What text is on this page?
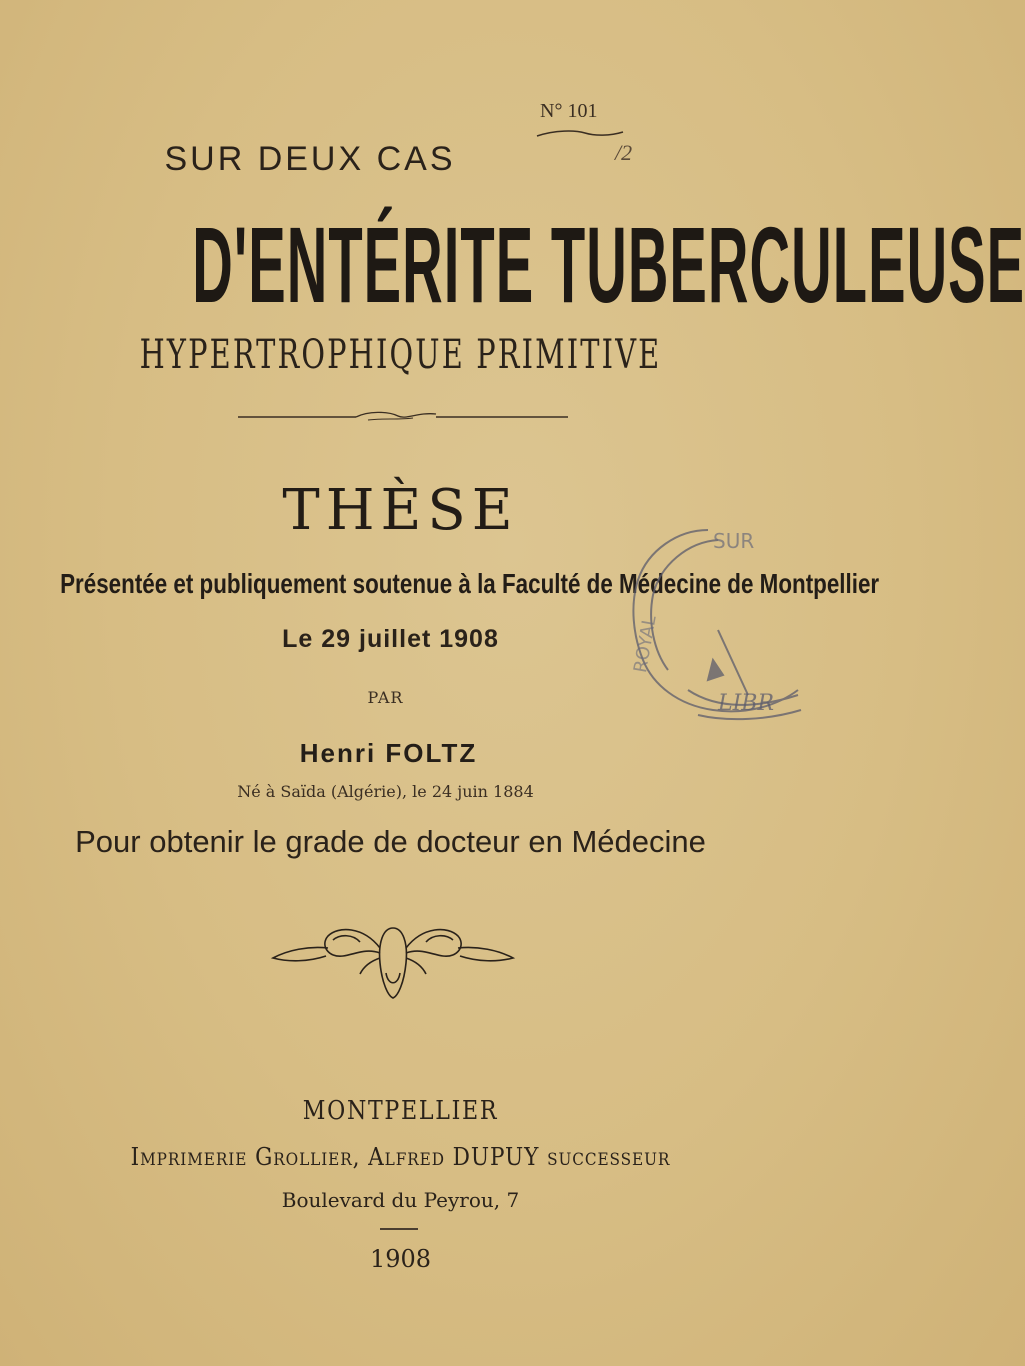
N° 101
/2
SUR DEUX CAS
D'ENTÉRITE TUBERCULEUSE
HYPERTROPHIQUE PRIMITIVE
THÈSE
Présentée et publiquement soutenue à la Faculté de Médecine de Montpellier
Le 29 juillet 1908
PAR
Henri FOLTZ
Né à Saïda (Algérie), le 24 juin 1884
Pour obtenir le grade de docteur en Médecine
MONTPELLIER
Imprimerie Grollier, Alfred DUPUY successeur
Boulevard du Peyrou, 7
1908
SUR
ROYAL
LIBR
